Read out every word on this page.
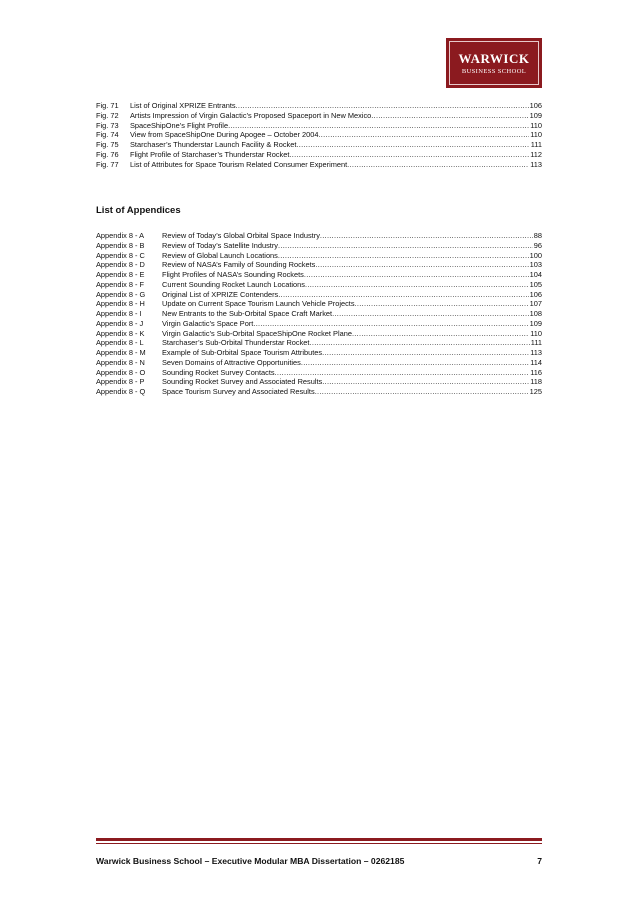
WARWICK
BUSINESS SCHOOL
Fig. 71	List of Original XPRIZE Entrants .....	106
Fig. 72	Artists Impression of Virgin Galactic’s Proposed Spaceport in New Mexico .....	109
Fig. 73	SpaceShipOne’s Flight Profile .....	110
Fig. 74	View from SpaceShipOne During Apogee – October 2004 .....	110
Fig. 75	Starchaser’s Thunderstar Launch Facility & Rocket .....	111
Fig. 76	Flight Profile of Starchaser’s Thunderstar Rocket .....	112
Fig. 77	List of Attributes for Space Tourism Related Consumer Experiment .....	113
List of Appendices
Appendix 8 - A	Review of Today’s Global Orbital Space Industry .....	88
Appendix 8 - B	Review of Today’s Satellite Industry .....	96
Appendix 8 - C	Review of Global Launch Locations .....	100
Appendix 8 - D	Review of NASA’s Family of Sounding Rockets .....	103
Appendix 8 - E	Flight Profiles of NASA’s Sounding Rockets .....	104
Appendix 8 - F	Current Sounding Rocket Launch Locations .....	105
Appendix 8 - G	Original List of XPRIZE Contenders .....	106
Appendix 8 - H	Update on Current Space Tourism Launch Vehicle Projects .....	107
Appendix 8 - I	New Entrants to the Sub-Orbital Space Craft Market .....	108
Appendix 8 - J	Virgin Galactic’s Space Port .....	109
Appendix 8 - K	Virgin Galactic’s Sub-Orbital SpaceShipOne Rocket Plane .....	110
Appendix 8 - L	Starchaser’s Sub-Orbital Thunderstar Rocket .....	111
Appendix 8 - M	Example of Sub-Orbital Space Tourism Attributes .....	113
Appendix 8 - N	Seven Domains of Attractive Opportunities .....	114
Appendix 8 - O	Sounding Rocket Survey Contacts .....	116
Appendix 8 - P	Sounding Rocket Survey and Associated Results .....	118
Appendix 8 - Q	Space Tourism Survey and Associated Results .....	125
Warwick Business School – Executive Modular MBA Dissertation – 0262185	7
